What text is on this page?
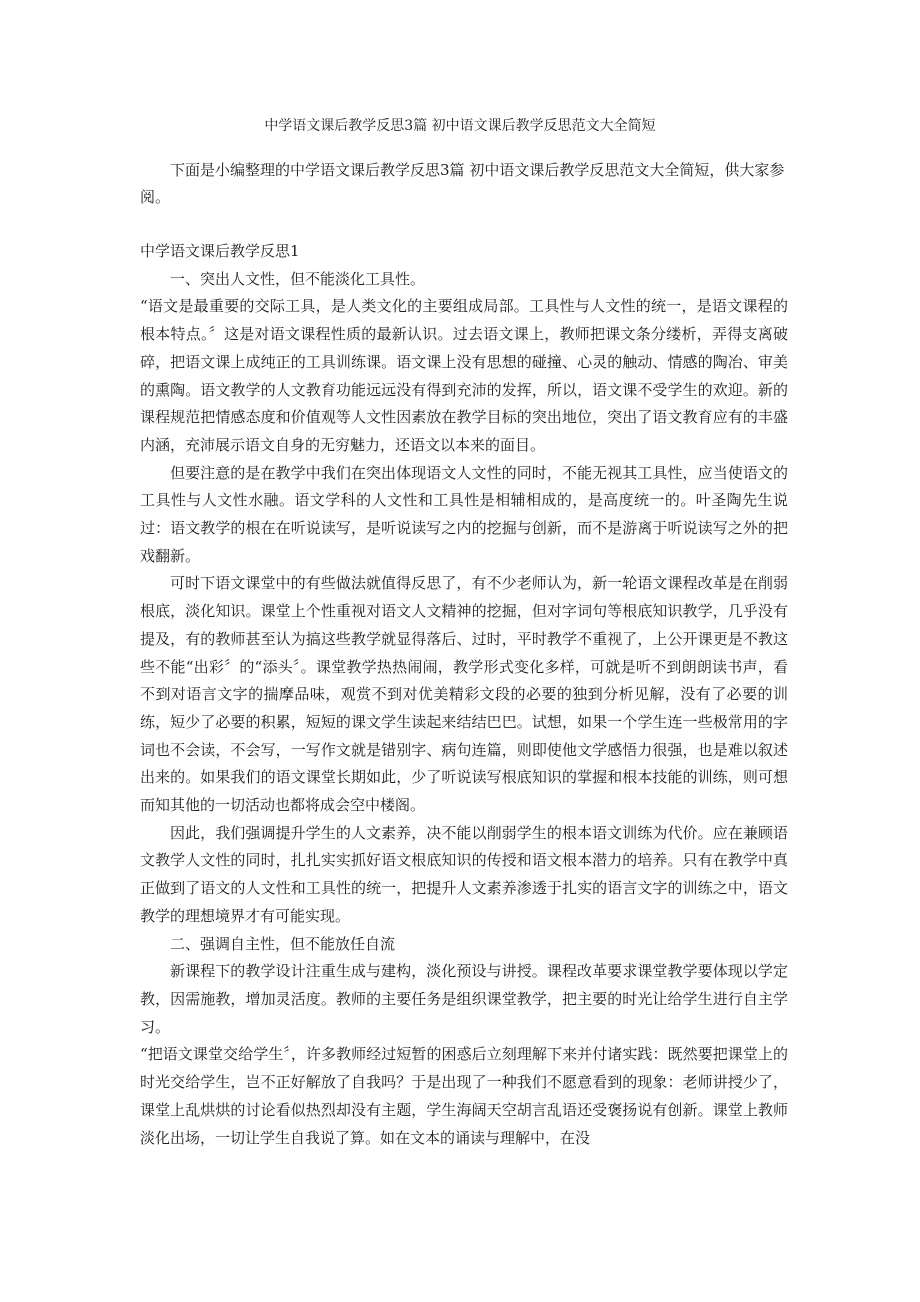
中学语文课后教学反思3篇 初中语文课后教学反思范文大全简短

下面是小编整理的中学语文课后教学反思3篇 初中语文课后教学反思范文大全简短，供大家参阅。

中学语文课后教学反思1

一、突出人文性，但不能淡化工具性。

“语文是最重要的交际工具，是人类文化的主要组成局部。工具性与人文性的统一，是语文课程的根本特点。〞这是对语文课程性质的最新认识。过去语文课上，教师把课文条分缕析，弄得支离破碎，把语文课上成纯正的工具训练课。语文课上没有思想的碰撞、心灵的触动、情感的陶冶、审美的熏陶。语文教学的人文教育功能远远没有得到充沛的发挥，所以，语文课不受学生的欢迎。新的课程规范把情感态度和价值观等人文性因素放在教学目标的突出地位，突出了语文教育应有的丰盛内涵，充沛展示语文自身的无穷魅力，还语文以本来的面目。

但要注意的是在教学中我们在突出体现语文人文性的同时，不能无视其工具性，应当使语文的工具性与人文性水融。语文学科的人文性和工具性是相辅相成的，是高度统一的。叶圣陶先生说过：语文教学的根在在听说读写，是听说读写之内的挖掘与创新，而不是游离于听说读写之外的把戏翻新。

可时下语文课堂中的有些做法就值得反思了，有不少老师认为，新一轮语文课程改革是在削弱根底，淡化知识。课堂上个性重视对语文人文精神的挖掘，但对字词句等根底知识教学，几乎没有提及，有的教师甚至认为搞这些教学就显得落后、过时，平时教学不重视了，上公开课更是不教这些不能“出彩〞的“添头〞。课堂教学热热闹闹，教学形式变化多样，可就是听不到朗朗读书声，看不到对语言文字的揣摩品味，观赏不到对优美精彩文段的必要的独到分析见解，没有了必要的训练，短少了必要的积累，短短的课文学生读起来结结巴巴。试想，如果一个学生连一些极常用的字词也不会读，不会写，一写作文就是错别字、病句连篇，则即使他文学感悟力很强，也是难以叙述出来的。如果我们的语文课堂长期如此，少了听说读写根底知识的掌握和根本技能的训练，则可想而知其他的一切活动也都将成会空中楼阁。

因此，我们强调提升学生的人文素养，决不能以削弱学生的根本语文训练为代价。应在兼顾语文教学人文性的同时，扎扎实实抓好语文根底知识的传授和语文根本潜力的培养。只有在教学中真正做到了语文的人文性和工具性的统一，把提升人文素养渗透于扎实的语言文字的训练之中，语文教学的理想境界才有可能实现。

二、强调自主性，但不能放任自流

新课程下的教学设计注重生成与建构，淡化预设与讲授。课程改革要求课堂教学要体现以学定教，因需施教，增加灵活度。教师的主要任务是组织课堂教学，把主要的时光让给学生进行自主学习。

“把语文课堂交给学生〞，许多教师经过短暂的困惑后立刻理解下来并付诸实践：既然要把课堂上的时光交给学生，岂不正好解放了自我吗？于是出现了一种我们不愿意看到的现象：老师讲授少了，课堂上乱烘烘的讨论看似热烈却没有主题，学生海阔天空胡言乱语还受褒扬说有创新。课堂上教师淡化出场，一切让学生自我说了算。如在文本的诵读与理解中，在没
